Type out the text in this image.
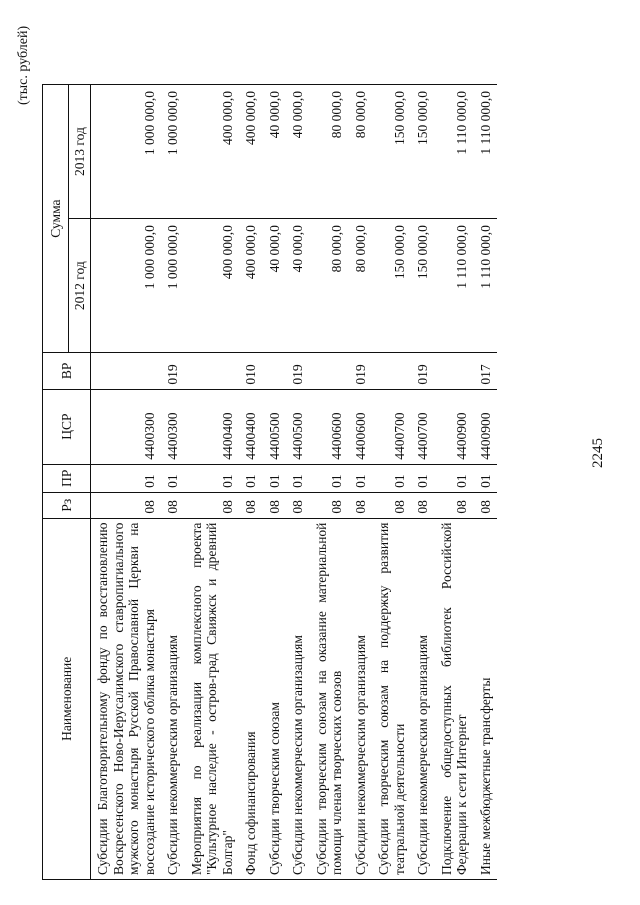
2245
(тыс. рублей)
Наименование	Рз	ПР	ЦСР	ВР	Сумма	
					2012 год	2013 год
Субсидии Благотворительному фонду по восстановлению Воскресенского Ново-Иерусалимского ставропигиального мужского монастыря Русской Православной Церкви на воссоздание исторического облика монастыря	08	01	4400300		1 000 000,0	1 000 000,0
Субсидии некоммерческим организациям	08	01	4400300	019	1 000 000,0	1 000 000,0
Мероприятия по реализации комплексного проекта "Культурное наследие - остров-град Свияжск и древний Болгар"	08	01	4400400		400 000,0	400 000,0
Фонд софинансирования	08	01	4400400	010	400 000,0	400 000,0
Субсидии творческим союзам	08	01	4400500		40 000,0	40 000,0
Субсидии некоммерческим организациям	08	01	4400500	019	40 000,0	40 000,0
Субсидии творческим союзам на оказание материальной помощи членам творческих союзов	08	01	4400600		80 000,0	80 000,0
Субсидии некоммерческим организациям	08	01	4400600	019	80 000,0	80 000,0
Субсидии творческим союзам на поддержку развития театральной деятельности	08	01	4400700		150 000,0	150 000,0
Субсидии некоммерческим организациям	08	01	4400700	019	150 000,0	150 000,0
Подключение общедоступных библиотек Российской Федерации к сети Интернет	08	01	4400900		1 110 000,0	1 110 000,0
Иные межбюджетные трансферты	08	01	4400900	017	1 110 000,0	1 110 000,0
